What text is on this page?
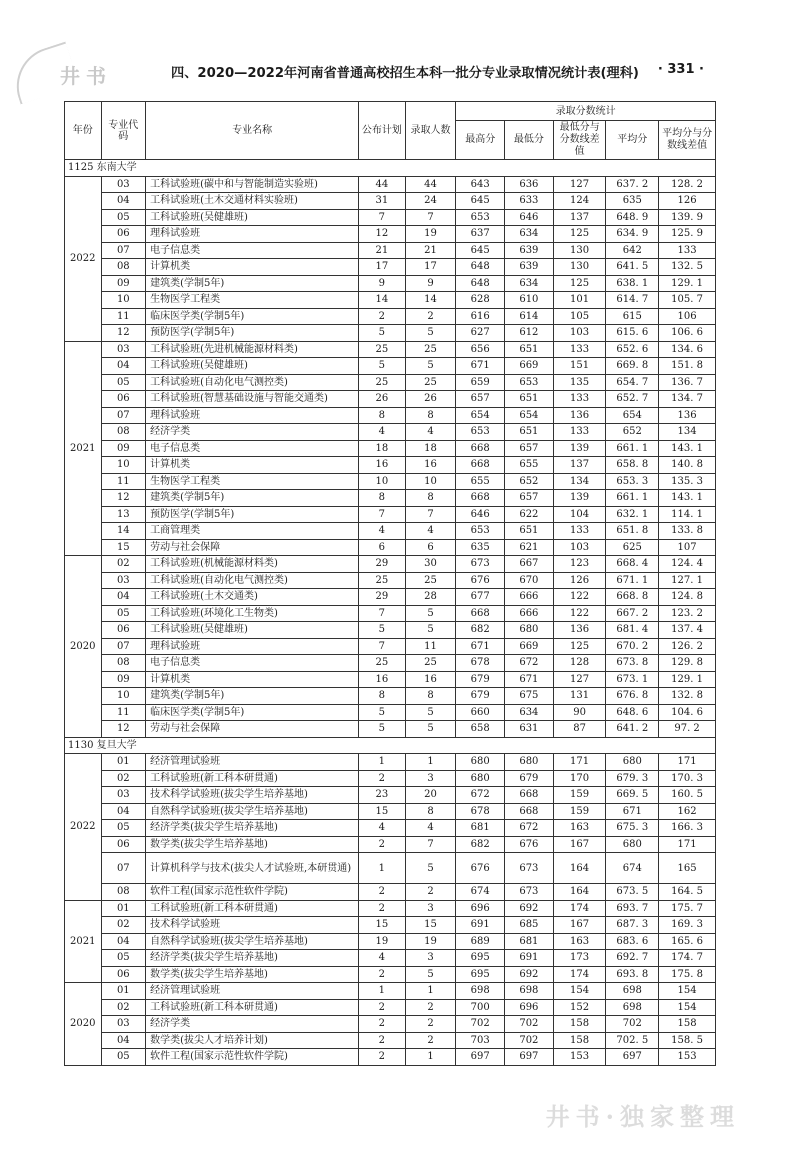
井书	四、2020—2022年河南省普通高校招生本科一批分专业录取情况统计表(理科)	· 331 ·
年份	专业代码	专业名称	公布计划	录取人数	录取分数统计				
					最高分	最低分	最低分与分数线差值	平均分	平均分与分数线差值
1125 东南大学									
2022	03	工科试验班(碳中和与智能制造实验班)	44	44	643	636	127	637. 2	128. 2
	04	工科试验班(土木交通材料实验班)	31	24	645	633	124	635	126
	05	工科试验班(吴健雄班)	7	7	653	646	137	648. 9	139. 9
	06	理科试验班	12	19	637	634	125	634. 9	125. 9
	07	电子信息类	21	21	645	639	130	642	133
	08	计算机类	17	17	648	639	130	641. 5	132. 5
	09	建筑类(学制5年)	9	9	648	634	125	638. 1	129. 1
	10	生物医学工程类	14	14	628	610	101	614. 7	105. 7
	11	临床医学类(学制5年)	2	2	616	614	105	615	106
	12	预防医学(学制5年)	5	5	627	612	103	615. 6	106. 6
2021	03	工科试验班(先进机械能源材料类)	25	25	656	651	133	652. 6	134. 6
	04	工科试验班(吴健雄班)	5	5	671	669	151	669. 8	151. 8
	05	工科试验班(自动化电气测控类)	25	25	659	653	135	654. 7	136. 7
	06	工科试验班(智慧基础设施与智能交通类)	26	26	657	651	133	652. 7	134. 7
	07	理科试验班	8	8	654	654	136	654	136
	08	经济学类	4	4	653	651	133	652	134
	09	电子信息类	18	18	668	657	139	661. 1	143. 1
	10	计算机类	16	16	668	655	137	658. 8	140. 8
	11	生物医学工程类	10	10	655	652	134	653. 3	135. 3
	12	建筑类(学制5年)	8	8	668	657	139	661. 1	143. 1
	13	预防医学(学制5年)	7	7	646	622	104	632. 1	114. 1
	14	工商管理类	4	4	653	651	133	651. 8	133. 8
	15	劳动与社会保障	6	6	635	621	103	625	107
2020	02	工科试验班(机械能源材料类)	29	30	673	667	123	668. 4	124. 4
	03	工科试验班(自动化电气测控类)	25	25	676	670	126	671. 1	127. 1
	04	工科试验班(土木交通类)	29	28	677	666	122	668. 8	124. 8
	05	工科试验班(环境化工生物类)	7	5	668	666	122	667. 2	123. 2
	06	工科试验班(吴健雄班)	5	5	682	680	136	681. 4	137. 4
	07	理科试验班	7	11	671	669	125	670. 2	126. 2
	08	电子信息类	25	25	678	672	128	673. 8	129. 8
	09	计算机类	16	16	679	671	127	673. 1	129. 1
	10	建筑类(学制5年)	8	8	679	675	131	676. 8	132. 8
	11	临床医学类(学制5年)	5	5	660	634	90	648. 6	104. 6
	12	劳动与社会保障	5	5	658	631	87	641. 2	97. 2
1130 复旦大学									
2022	01	经济管理试验班	1	1	680	680	171	680	171
	02	工科试验班(新工科本研贯通)	2	3	680	679	170	679. 3	170. 3
	03	技术科学试验班(拔尖学生培养基地)	23	20	672	668	159	669. 5	160. 5
	04	自然科学试验班(拔尖学生培养基地)	15	8	678	668	159	671	162
	05	经济学类(拔尖学生培养基地)	4	4	681	672	163	675. 3	166. 3
	06	数学类(拔尖学生培养基地)	2	7	682	676	167	680	171
	07	计算机科学与技术(拔尖人才试验班,本研贯通)	1	5	676	673	164	674	165
	08	软件工程(国家示范性软件学院)	2	2	674	673	164	673. 5	164. 5
2021	01	工科试验班(新工科本研贯通)	2	3	696	692	174	693. 7	175. 7
	02	技术科学试验班	15	15	691	685	167	687. 3	169. 3
	04	自然科学试验班(拔尖学生培养基地)	19	19	689	681	163	683. 6	165. 6
	05	经济学类(拔尖学生培养基地)	4	3	695	691	173	692. 7	174. 7
	06	数学类(拔尖学生培养基地)	2	5	695	692	174	693. 8	175. 8
2020	01	经济管理试验班	1	1	698	698	154	698	154
	02	工科试验班(新工科本研贯通)	2	2	700	696	152	698	154
	03	经济学类	2	2	702	702	158	702	158
	04	数学类(拔尖人才培养计划)	2	2	703	702	158	702. 5	158. 5
	05	软件工程(国家示范性软件学院)	2	1	697	697	153	697	153
井书·独家整理
